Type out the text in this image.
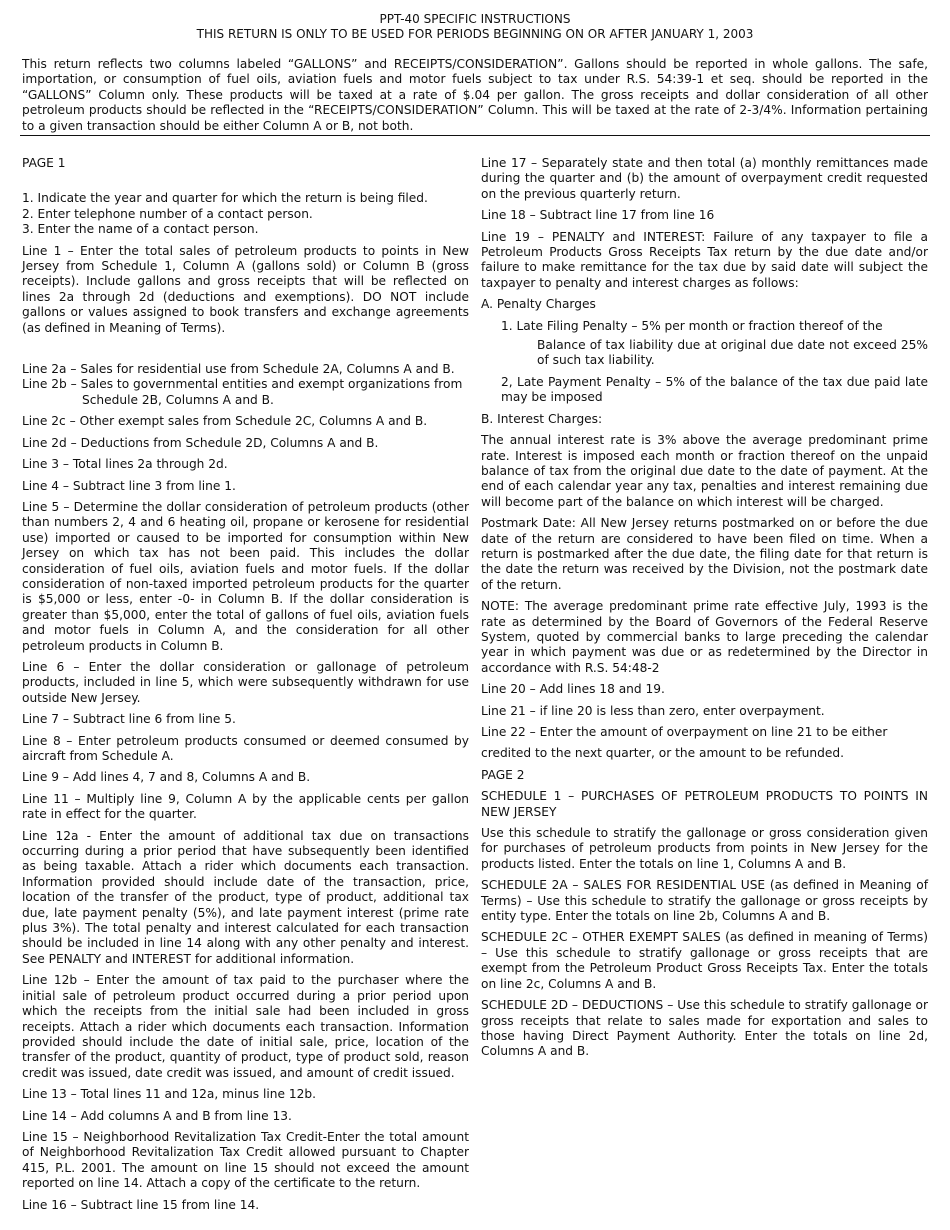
PPT-40 SPECIFIC INSTRUCTIONS
THIS RETURN IS ONLY TO BE USED FOR PERIODS BEGINNING ON OR AFTER JANUARY 1, 2003
This return reflects two columns labeled “GALLONS” and RECEIPTS/CONSIDERATION”. Gallons should be reported in whole gallons. The safe, importation, or consumption of fuel oils, aviation fuels and motor fuels subject to tax under R.S. 54:39-1 et seq. should be reported in the “GALLONS” Column only. These products will be taxed at a rate of $.04 per gallon. The gross receipts and dollar consideration of all other petroleum products should be reflected in the “RECEIPTS/CONSIDERATION” Column. This will be taxed at the rate of 2-3/4%. Information pertaining to a given transaction should be either Column A or B, not both.

PAGE 1

1. Indicate the year and quarter for which the return is being filed.

2. Enter telephone number of a contact person.

3. Enter the name of a contact person.

Line 1 – Enter the total sales of petroleum products to points in New Jersey from Schedule 1, Column A (gallons sold) or Column B (gross receipts). Include gallons and gross receipts that will be reflected on lines 2a through 2d (deductions and exemptions). DO NOT include gallons or values assigned to book transfers and exchange agreements (as defined in Meaning of Terms).

Line 2a – Sales for residential use from Schedule 2A, Columns A and B.

Line 2b – Sales to governmental entities and exempt organizations from

Schedule 2B, Columns A and B.

Line 2c – Other exempt sales from Schedule 2C, Columns A and B.

Line 2d – Deductions from Schedule 2D, Columns A and B.

Line 3 – Total lines 2a through 2d.

Line 4 – Subtract line 3 from line 1.

Line 5 – Determine the dollar consideration of petroleum products (other than numbers 2, 4 and 6 heating oil, propane or kerosene for residential use) imported or caused to be imported for consumption within New Jersey on which tax has not been paid. This includes the dollar consideration of fuel oils, aviation fuels and motor fuels. If the dollar consideration of non-taxed imported petroleum products for the quarter is $5,000 or less, enter -0- in Column B. If the dollar consideration is greater than $5,000, enter the total of gallons of fuel oils, aviation fuels and motor fuels in Column A, and the consideration for all other petroleum products in Column B.

Line 6 – Enter the dollar consideration or gallonage of petroleum products, included in line 5, which were subsequently withdrawn for use outside New Jersey.

Line 7 – Subtract line 6 from line 5.

Line 8 – Enter petroleum products consumed or deemed consumed by aircraft from Schedule A.

Line 9 – Add lines 4, 7 and 8, Columns A and B.

Line 11 – Multiply line 9, Column A by the applicable cents per gallon rate in effect for the quarter.

Line 12a - Enter the amount of additional tax due on transactions occurring during a prior period that have subsequently been identified as being taxable. Attach a rider which documents each transaction. Information provided should include date of the transaction, price, location of the transfer of the product, type of product, additional tax due, late payment penalty (5%), and late payment interest (prime rate plus 3%). The total penalty and interest calculated for each transaction should be included in line 14 along with any other penalty and interest. See PENALTY and INTEREST for additional information.

Line 12b – Enter the amount of tax paid to the purchaser where the initial sale of petroleum product occurred during a prior period upon which the receipts from the initial sale had been included in gross receipts. Attach a rider which documents each transaction. Information provided should include the date of initial sale, price, location of the transfer of the product, quantity of product, type of product sold, reason credit was issued, date credit was issued, and amount of credit issued.

Line 13 – Total lines 11 and 12a, minus line 12b.

Line 14 – Add columns A and B from line 13.

Line 15 – Neighborhood Revitalization Tax Credit-Enter the total amount of Neighborhood Revitalization Tax Credit allowed pursuant to Chapter 415, P.L. 2001. The amount on line 15 should not exceed the amount reported on line 14. Attach a copy of the certificate to the return.

Line 16 – Subtract line 15 from line 14.

Line 17 – Separately state and then total (a) monthly remittances made during the quarter and (b) the amount of overpayment credit requested on the previous quarterly return.

Line 18 – Subtract line 17 from line 16

Line 19 – PENALTY and INTEREST: Failure of any taxpayer to file a Petroleum Products Gross Receipts Tax return by the due date and/or failure to make remittance for the tax due by said date will subject the taxpayer to penalty and interest charges as follows:

A. Penalty Charges

1. Late Filing Penalty – 5% per month or fraction thereof of the

Balance of tax liability due at original due date not exceed 25% of such tax liability.

2, Late Payment Penalty – 5% of the balance of the tax due paid late may be imposed

B. Interest Charges:

The annual interest rate is 3% above the average predominant prime rate. Interest is imposed each month or fraction thereof on the unpaid balance of tax from the original due date to the date of payment. At the end of each calendar year any tax, penalties and interest remaining due will become part of the balance on which interest will be charged.

Postmark Date: All New Jersey returns postmarked on or before the due date of the return are considered to have been filed on time. When a return is postmarked after the due date, the filing date for that return is the date the return was received by the Division, not the postmark date of the return.

NOTE: The average predominant prime rate effective July, 1993 is the rate as determined by the Board of Governors of the Federal Reserve System, quoted by commercial banks to large preceding the calendar year in which payment was due or as redetermined by the Director in accordance with R.S. 54:48-2

Line 20 – Add lines 18 and 19.

Line 21 – if line 20 is less than zero, enter overpayment.

Line 22 – Enter the amount of overpayment on line 21 to be either

credited to the next quarter, or the amount to be refunded.

PAGE 2

SCHEDULE 1 – PURCHASES OF PETROLEUM PRODUCTS TO POINTS IN NEW JERSEY

Use this schedule to stratify the gallonage or gross consideration given for purchases of petroleum products from points in New Jersey for the products listed. Enter the totals on line 1, Columns A and B.

SCHEDULE 2A – SALES FOR RESIDENTIAL USE (as defined in Meaning of Terms) – Use this schedule to stratify the gallonage or gross receipts by entity type. Enter the totals on line 2b, Columns A and B.

SCHEDULE 2C – OTHER EXEMPT SALES (as defined in meaning of Terms) – Use this schedule to stratify gallonage or gross receipts that are exempt from the Petroleum Product Gross Receipts Tax. Enter the totals on line 2c, Columns A and B.

SCHEDULE 2D – DEDUCTIONS – Use this schedule to stratify gallonage or gross receipts that relate to sales made for exportation and sales to those having Direct Payment Authority. Enter the totals on line 2d, Columns A and B.
